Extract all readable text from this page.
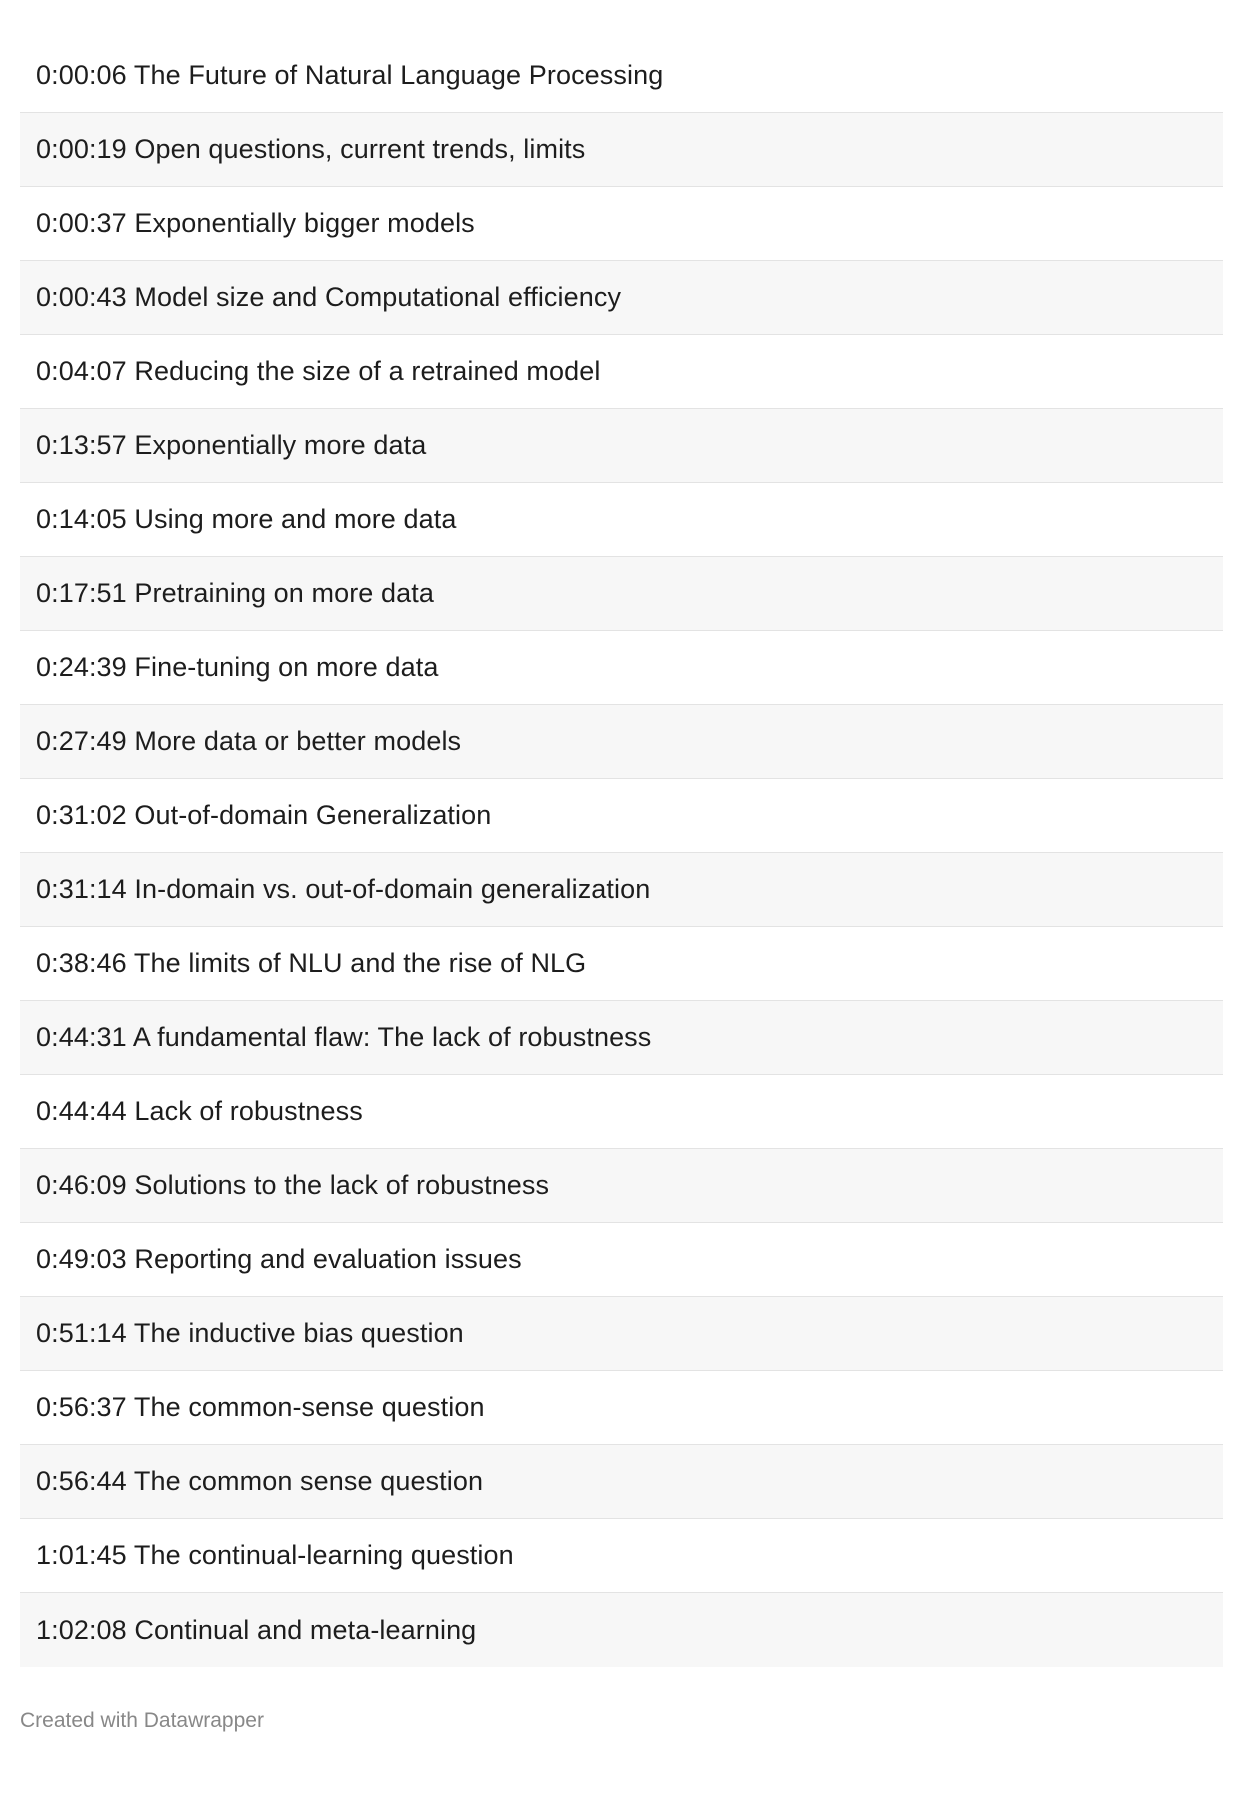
0:00:06 The Future of Natural Language Processing
0:00:19 Open questions, current trends, limits
0:00:37 Exponentially bigger models
0:00:43 Model size and Computational efficiency
0:04:07 Reducing the size of a retrained model
0:13:57 Exponentially more data
0:14:05 Using more and more data
0:17:51 Pretraining on more data
0:24:39 Fine-tuning on more data
0:27:49 More data or better models
0:31:02 Out-of-domain Generalization
0:31:14 In-domain vs. out-of-domain generalization
0:38:46 The limits of NLU and the rise of NLG
0:44:31 A fundamental flaw: The lack of robustness
0:44:44 Lack of robustness
0:46:09 Solutions to the lack of robustness
0:49:03 Reporting and evaluation issues
0:51:14 The inductive bias question
0:56:37 The common-sense question
0:56:44 The common sense question
1:01:45 The continual-learning question
1:02:08 Continual and meta-learning
Created with Datawrapper
